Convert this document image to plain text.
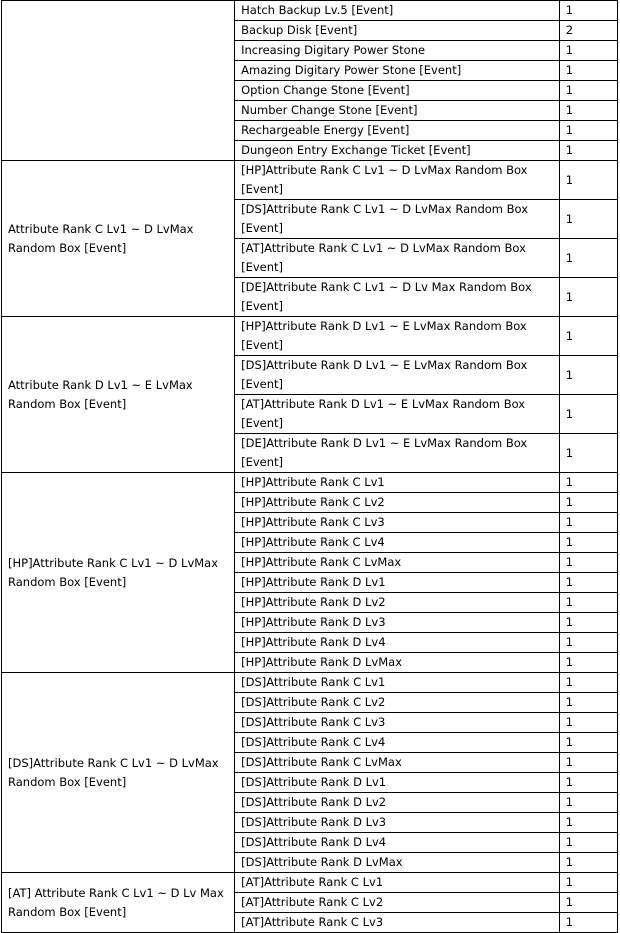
	Hatch Backup Lv.5 [Event]	1
	Backup Disk [Event]	2
	Increasing Digitary Power Stone	1
	Amazing Digitary Power Stone [Event]	1
	Option Change Stone [Event]	1
	Number Change Stone [Event]	1
	Rechargeable Energy [Event]	1
	Dungeon Entry Exchange Ticket [Event]	1
Attribute Rank C Lv1 ~ D LvMax Random Box [Event]	[HP]Attribute Rank C Lv1 ~ D LvMax Random Box [Event]	1
	[DS]Attribute Rank C Lv1 ~ D LvMax Random Box [Event]	1
	[AT]Attribute Rank C Lv1 ~ D LvMax Random Box [Event]	1
	[DE]Attribute Rank C Lv1 ~ D Lv Max Random Box [Event]	1
Attribute Rank D Lv1 ~ E LvMax Random Box [Event]	[HP]Attribute Rank D Lv1 ~ E LvMax Random Box [Event]	1
	[DS]Attribute Rank D Lv1 ~ E LvMax Random Box [Event]	1
	[AT]Attribute Rank D Lv1 ~ E LvMax Random Box [Event]	1
	[DE]Attribute Rank D Lv1 ~ E LvMax Random Box [Event]	1
[HP]Attribute Rank C Lv1 ~ D LvMax Random Box [Event]	[HP]Attribute Rank C Lv1	1
	[HP]Attribute Rank C Lv2	1
	[HP]Attribute Rank C Lv3	1
	[HP]Attribute Rank C Lv4	1
	[HP]Attribute Rank C LvMax	1
	[HP]Attribute Rank D Lv1	1
	[HP]Attribute Rank D Lv2	1
	[HP]Attribute Rank D Lv3	1
	[HP]Attribute Rank D Lv4	1
	[HP]Attribute Rank D LvMax	1
[DS]Attribute Rank C Lv1 ~ D LvMax Random Box [Event]	[DS]Attribute Rank C Lv1	1
	[DS]Attribute Rank C Lv2	1
	[DS]Attribute Rank C Lv3	1
	[DS]Attribute Rank C Lv4	1
	[DS]Attribute Rank C LvMax	1
	[DS]Attribute Rank D Lv1	1
	[DS]Attribute Rank D Lv2	1
	[DS]Attribute Rank D Lv3	1
	[DS]Attribute Rank D Lv4	1
	[DS]Attribute Rank D LvMax	1
[AT] Attribute Rank C Lv1 ~ D Lv Max Random Box [Event]	[AT]Attribute Rank C Lv1	1
	[AT]Attribute Rank C Lv2	1
	[AT]Attribute Rank C Lv3	1
